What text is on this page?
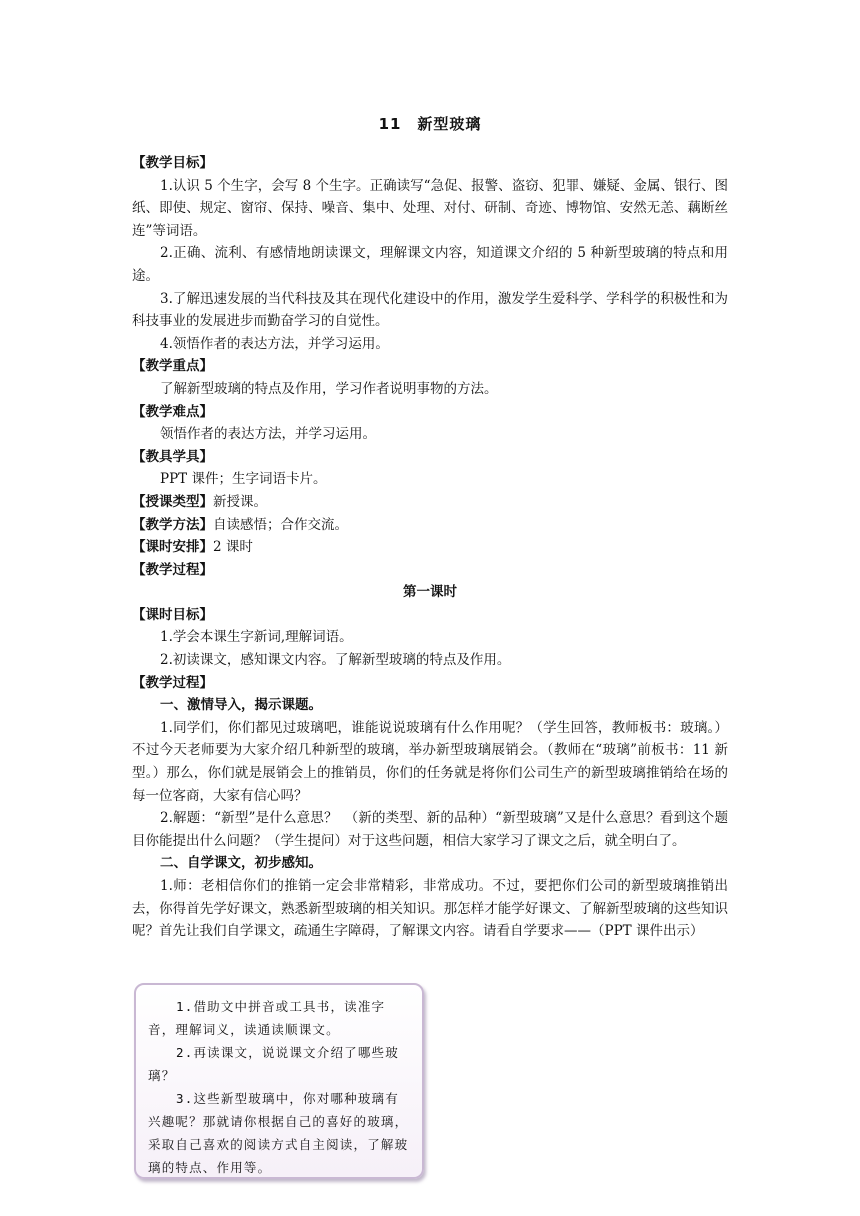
11　新型玻璃
【教学目标】
1.认识 5 个生字，会写 8 个生字。正确读写“急促、报警、盗窃、犯罪、嫌疑、金属、银行、图纸、即使、规定、窗帘、保持、噪音、集中、处理、对付、研制、奇迹、博物馆、安然无恙、藕断丝连”等词语。
2.正确、流利、有感情地朗读课文，理解课文内容，知道课文介绍的 5 种新型玻璃的特点和用途。
3.了解迅速发展的当代科技及其在现代化建设中的作用，激发学生爱科学、学科学的积极性和为科技事业的发展进步而勤奋学习的自觉性。
4.领悟作者的表达方法，并学习运用。
【教学重点】
了解新型玻璃的特点及作用，学习作者说明事物的方法。
【教学难点】
领悟作者的表达方法，并学习运用。
【教具学具】
PPT 课件；生字词语卡片。
【授课类型】新授课。
【教学方法】自读感悟；合作交流。
【课时安排】2 课时
【教学过程】
第一课时
【课时目标】
1.学会本课生字新词,理解词语。
2.初读课文，感知课文内容。了解新型玻璃的特点及作用。
【教学过程】
一、激情导入，揭示课题。
1.同学们，你们都见过玻璃吧，谁能说说玻璃有什么作用呢？（学生回答，教师板书：玻璃。）不过今天老师要为大家介绍几种新型的玻璃，举办新型玻璃展销会。（教师在“玻璃”前板书：11 新型。）那么，你们就是展销会上的推销员，你们的任务就是将你们公司生产的新型玻璃推销给在场的每一位客商，大家有信心吗？
2.解题：“新型”是什么意思？　（新的类型、新的品种）“新型玻璃”又是什么意思？看到这个题目你能提出什么问题？（学生提问）对于这些问题，相信大家学习了课文之后，就全明白了。
二、自学课文，初步感知。
1.师：老相信你们的推销一定会非常精彩，非常成功。不过，要把你们公司的新型玻璃推销出去，你得首先学好课文，熟悉新型玻璃的相关知识。那怎样才能学好课文、了解新型玻璃的这些知识呢？首先让我们自学课文，疏通生字障碍，了解课文内容。请看自学要求——（PPT 课件出示）
1.借助文中拼音或工具书，读准字音，理解词义，读通读顺课文。
2.再读课文，说说课文介绍了哪些玻璃？
3.这些新型玻璃中，你对哪种玻璃有兴趣呢？那就请你根据自己的喜好的玻璃，采取自己喜欢的阅读方式自主阅读，了解玻璃的特点、作用等。
